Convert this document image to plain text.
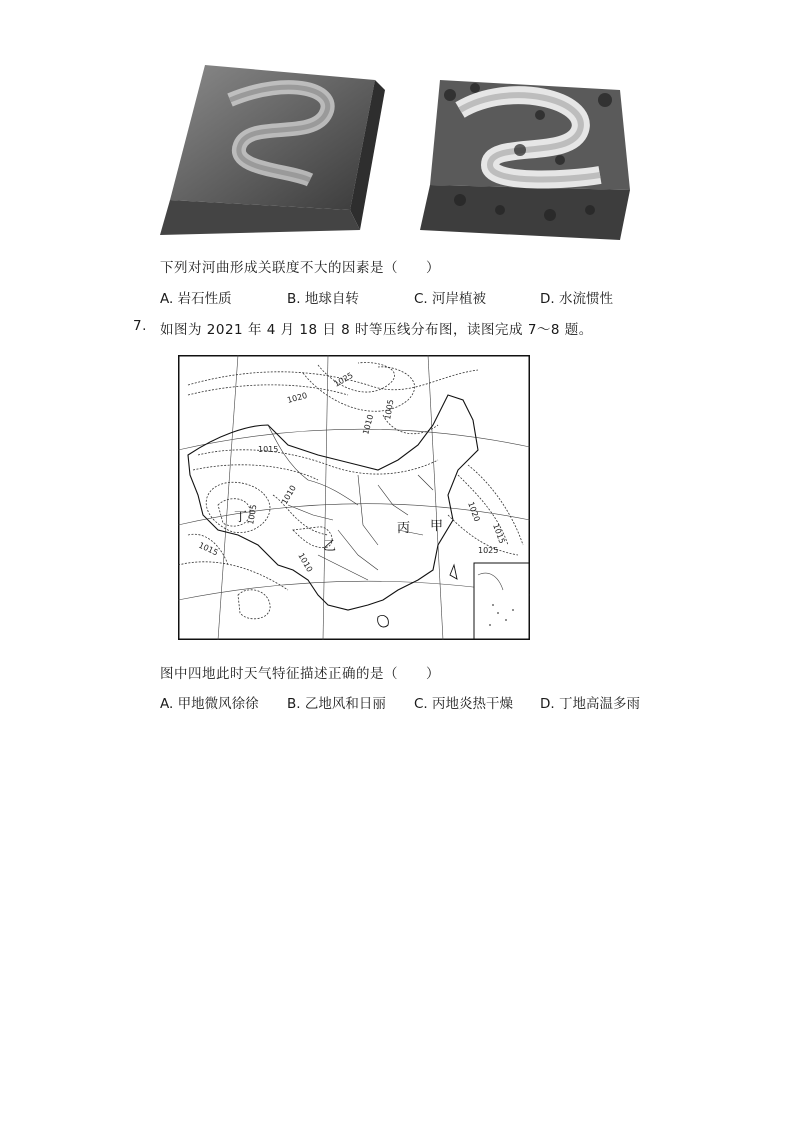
下列对河曲形成关联度不大的因素是（　　）
A. 岩石性质	B. 地球自转	C. 河岸植被	D. 水流惯性
7. 如图为 2021 年 4 月 18 日 8 时等压线分布图，读图完成 7～8 题。
1025
1020
1010
1005
1015
1010
1005
1015
1010
1015
1020
1025
丁
乙
丙 甲
图中四地此时天气特征描述正确的是（　　）
A. 甲地微风徐徐 B. 乙地风和日丽 C. 丙地炎热干燥 D. 丁地高温多雨
